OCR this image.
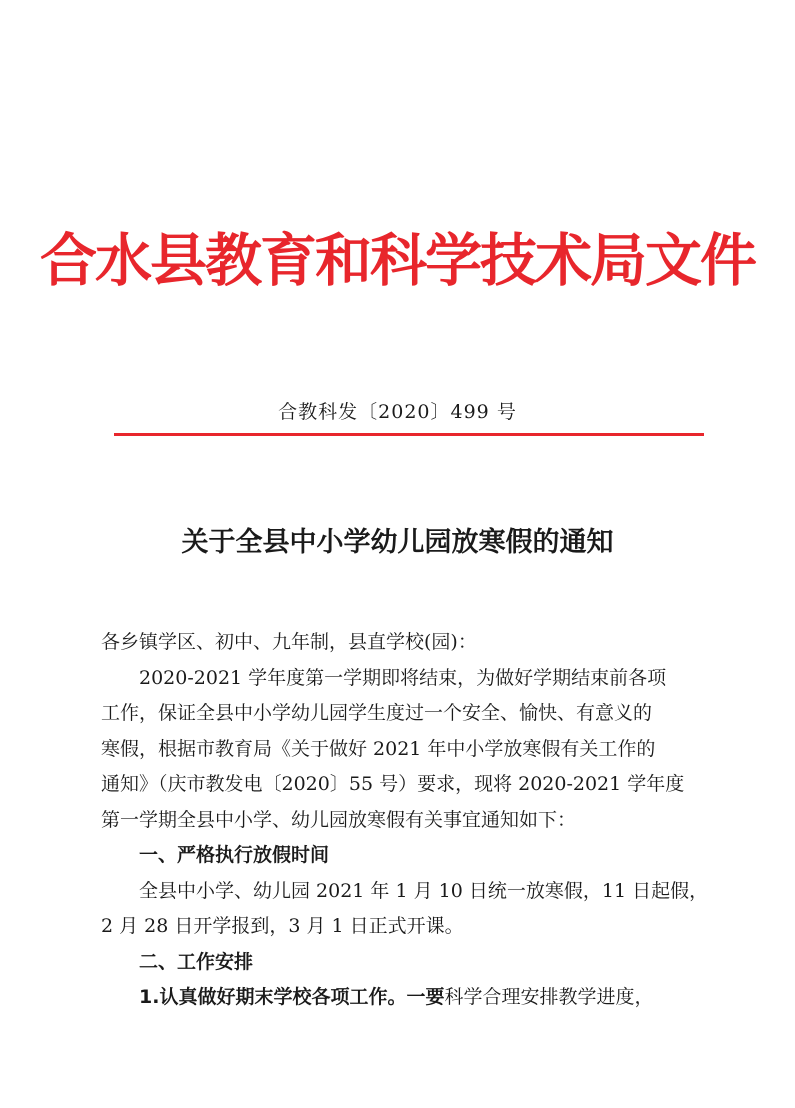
合水县教育和科学技术局文件
合教科发〔2020〕499 号
关于全县中小学幼儿园放寒假的通知
各乡镇学区、初中、九年制，县直学校(园)：
2020-2021 学年度第一学期即将结束，为做好学期结束前各项
工作，保证全县中小学幼儿园学生度过一个安全、愉快、有意义的
寒假，根据市教育局《关于做好 2021 年中小学放寒假有关工作的
通知》（庆市教发电〔2020〕55 号）要求，现将 2020-2021 学年度
第一学期全县中小学、幼儿园放寒假有关事宜通知如下：
一、严格执行放假时间
全县中小学、幼儿园 2021 年 1 月 10 日统一放寒假，11 日起假，
2 月 28 日开学报到，3 月 1 日正式开课。
二、工作安排
1.认真做好期末学校各项工作。一要科学合理安排教学进度，
